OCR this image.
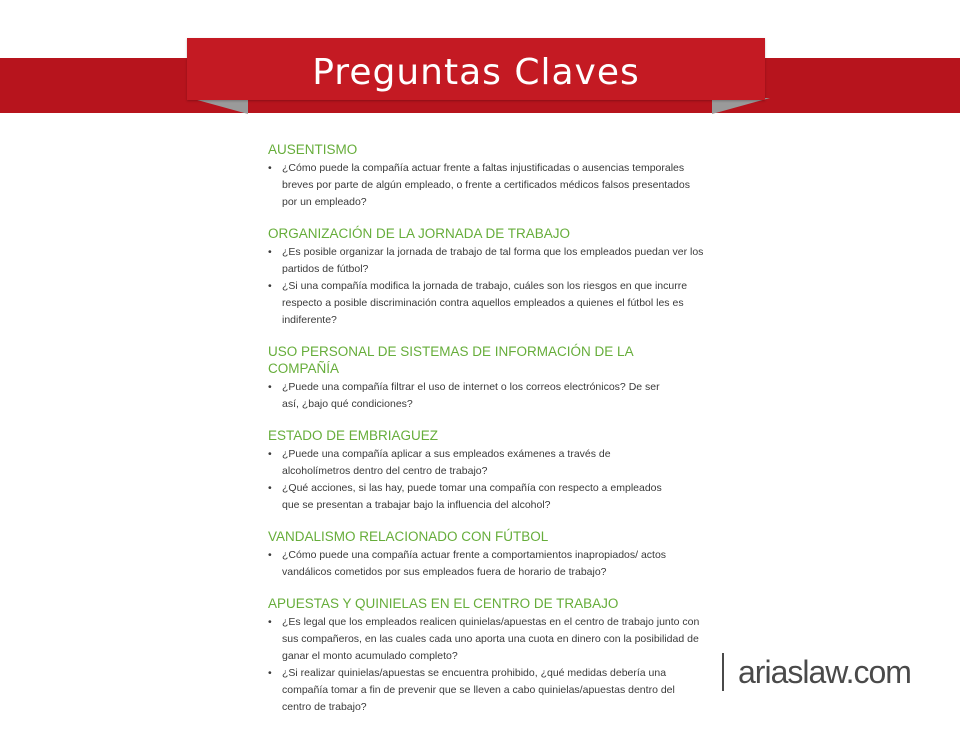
Preguntas Claves
AUSENTISMO
• ¿Cómo puede la compañía actuar frente a faltas injustificadas o ausencias temporales breves por parte de algún empleado, o frente a certificados médicos falsos presentados por un empleado?
ORGANIZACIÓN DE LA JORNADA DE TRABAJO
• ¿Es posible organizar la jornada de trabajo de tal forma que los empleados puedan ver los partidos de fútbol?
• ¿Si una compañía modifica la jornada de trabajo, cuáles son los riesgos en que incurre respecto a posible discriminación contra aquellos empleados a quienes el fútbol les es indiferente?
USO PERSONAL DE SISTEMAS DE INFORMACIÓN DE LA COMPAÑÍA
• ¿Puede una compañía filtrar el uso de internet o los correos electrónicos? De ser así, ¿bajo qué condiciones?
ESTADO DE EMBRIAGUEZ
• ¿Puede una compañía aplicar a sus empleados exámenes a través de alcoholímetros dentro del centro de trabajo?
• ¿Qué acciones, si las hay, puede tomar una compañía con respecto a empleados que se presentan a trabajar bajo la influencia del alcohol?
VANDALISMO RELACIONADO CON FÚTBOL
• ¿Cómo puede una compañía actuar frente a comportamientos inapropiados/ actos vandálicos cometidos por sus empleados fuera de horario de trabajo?
APUESTAS Y QUINIELAS EN EL CENTRO DE TRABAJO
• ¿Es legal que los empleados realicen quinielas/apuestas en el centro de trabajo junto con sus compañeros, en las cuales cada uno aporta una cuota en dinero con la posibilidad de ganar el monto acumulado completo?
• ¿Si realizar quinielas/apuestas se encuentra prohibido, ¿qué medidas debería una compañía tomar a fin de prevenir que se lleven a cabo quinielas/apuestas dentro del centro de trabajo?
ariaslaw.com
